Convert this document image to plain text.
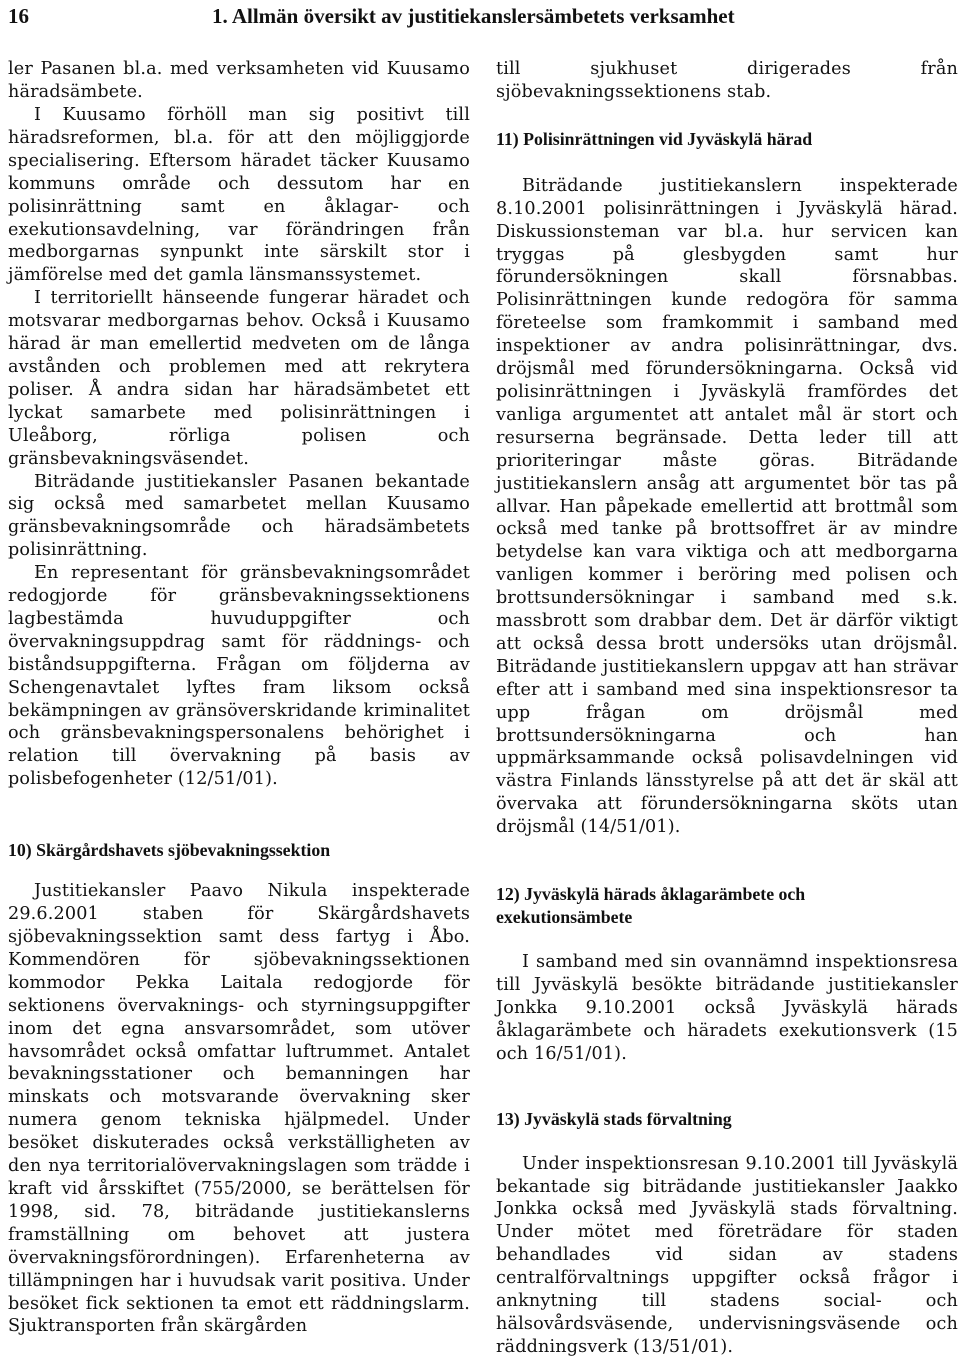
16	1. Allmän översikt av justitiekanslersämbetets verksamhet

ler Pasanen bl.a. med verksamheten vid Kuusamo häradsämbete.

I Kuusamo förhöll man sig positivt till häradsreformen, bl.a. för att den möjliggjorde specialisering. Eftersom häradet täcker Kuusamo kommuns område och dessutom har en polisinrättning samt en åklagar- och exekutionsavdelning, var förändringen från medborgarnas synpunkt inte särskilt stor i jämförelse med det gamla länsmanssystemet.

I territoriellt hänseende fungerar häradet och motsvarar medborgarnas behov. Också i Kuusamo härad är man emellertid medveten om de långa avstånden och problemen med att rekrytera poliser. Å andra sidan har häradsämbetet ett lyckat samarbete med polisinrättningen i Uleåborg, rörliga polisen och gränsbevakningsväsendet.

Biträdande justitiekansler Pasanen bekantade sig också med samarbetet mellan Kuusamo gränsbevakningsområde och häradsämbetets polisinrättning.

En representant för gränsbevakningsområdet redogjorde för gränsbevakningssektionens lagbestämda huvuduppgifter och övervakningsuppdrag samt för räddnings- och biståndsuppgifterna. Frågan om följderna av Schengenavtalet lyftes fram liksom också bekämpningen av gränsöverskridande kriminalitet och gränsbevakningspersonalens behörighet i relation till övervakning på basis av polisbefogenheter (12/51/01).

10) Skärgårdshavets sjöbevakningssektion

Justitiekansler Paavo Nikula inspekterade 29.6.2001 staben för Skärgårdshavets sjöbevakningssektion samt dess fartyg i Åbo. Kommendören för sjöbevakningssektionen kommodor Pekka Laitala redogjorde för sektionens övervaknings- och styrningsuppgifter inom det egna ansvarsområdet, som utöver havsområdet också omfattar luftrummet. Antalet bevakningsstationer och bemanningen har minskats och motsvarande övervakning sker numera genom tekniska hjälpmedel. Under besöket diskuterades också verkställigheten av den nya territorialövervakningslagen som trädde i kraft vid årsskiftet (755/2000, se berättelsen för 1998, sid. 78, biträdande justitiekanslerns framställning om behovet att justera övervakningsförordningen). Erfarenheterna av tillämpningen har i huvudsak varit positiva. Under besöket fick sektionen ta emot ett räddningslarm. Sjuktransporten från skärgården

till sjukhuset dirigerades från sjöbevakningssektionens stab.

11) Polisinrättningen vid Jyväskylä härad

Biträdande justitiekanslern inspekterade 8.10.2001 polisinrättningen i Jyväskylä härad. Diskussionsteman var bl.a. hur servicen kan tryggas på glesbygden samt hur förundersökningen skall försnabbas. Polisinrättningen kunde redogöra för samma företeelse som framkommit i samband med inspektioner av andra polisinrättningar, dvs. dröjsmål med förundersökningarna. Också vid polisinrättningen i Jyväskylä framfördes det vanliga argumentet att antalet mål är stort och resurserna begränsade. Detta leder till att prioriteringar måste göras. Biträdande justitiekanslern ansåg att argumentet bör tas på allvar. Han påpekade emellertid att brottmål som också med tanke på brottsoffret är av mindre betydelse kan vara viktiga och att medborgarna vanligen kommer i beröring med polisen och brottsundersökningar i samband med s.k. massbrott som drabbar dem. Det är därför viktigt att också dessa brott undersöks utan dröjsmål. Biträdande justitiekanslern uppgav att han strävar efter att i samband med sina inspektionsresor ta upp frågan om dröjsmål med brottsundersökningarna och han uppmärksammande också polisavdelningen vid västra Finlands länsstyrelse på att det är skäl att övervaka att förundersökningarna sköts utan dröjsmål (14/51/01).

12) Jyväskylä härads åklagarämbete och exekutionsämbete

I samband med sin ovannämnd inspektionsresa till Jyväskylä besökte biträdande justitiekansler Jonkka 9.10.2001 också Jyväskylä härads åklagarämbete och häradets exekutionsverk (15 och 16/51/01).

13) Jyväskylä stads förvaltning

Under inspektionsresan 9.10.2001 till Jyväskylä bekantade sig biträdande justitiekansler Jaakko Jonkka också med Jyväskylä stads förvaltning. Under mötet med företrädare för staden behandlades vid sidan av stadens centralförvaltnings uppgifter också frågor i anknytning till stadens social- och hälsovårdsväsende, undervisningsväsende och räddningsverk (13/51/01).
